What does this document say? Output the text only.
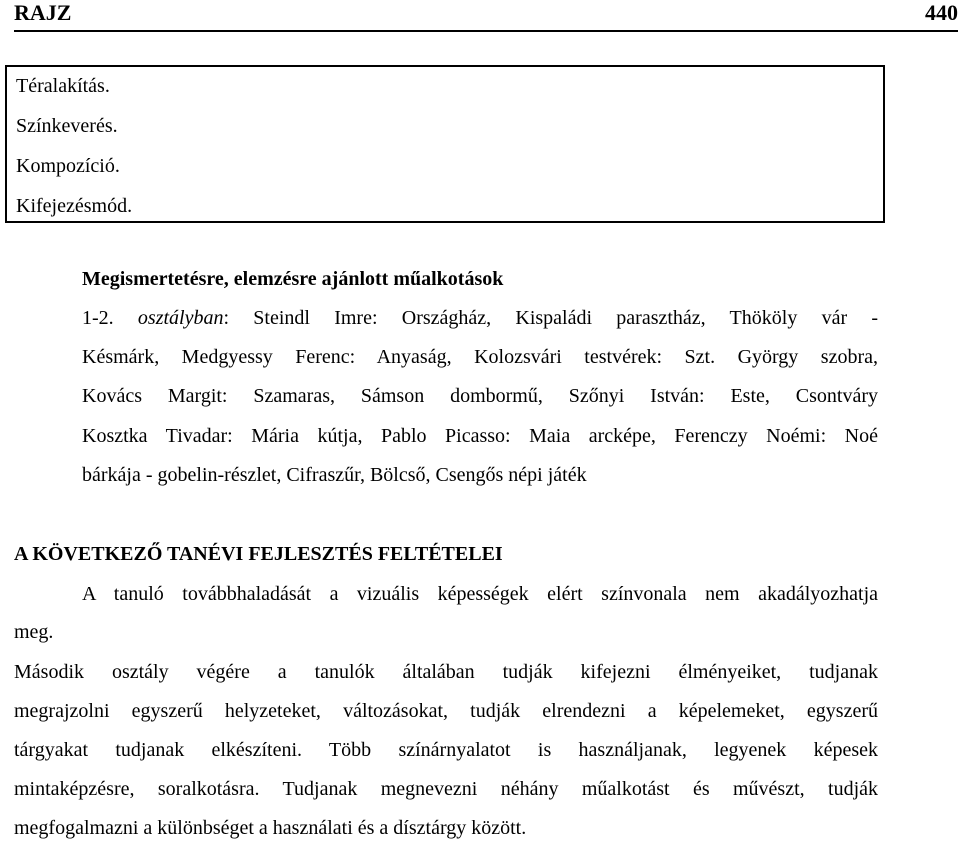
RAJZ	440
Téralakítás.
Színkeverés.
Kompozíció.
Kifejezésmód.
Megismertetésre, elemzésre ajánlott műalkotások
1-2. osztályban: Steindl Imre: Országház, Kispaládi parasztház, Thököly vár -
Késmárk, Medgyessy Ferenc: Anyaság, Kolozsvári testvérek: Szt. György szobra,
Kovács Margit: Szamaras, Sámson dombormű, Szőnyi István: Este, Csontváry
Kosztka Tivadar: Mária kútja, Pablo Picasso: Maia arcképe, Ferenczy Noémi: Noé
bárkája - gobelin-részlet, Cifraszűr, Bölcső, Csengős népi játék
A KÖVETKEZŐ TANÉVI FEJLESZTÉS FELTÉTELEI
A tanuló továbbhaladását a vizuális képességek elért színvonala nem akadályozhatja
meg.
Második osztály végére a tanulók általában tudják kifejezni élményeiket, tudjanak
megrajzolni egyszerű helyzeteket, változásokat, tudják elrendezni a képelemeket, egyszerű
tárgyakat tudjanak elkészíteni. Több színárnyalatot is használjanak, legyenek képesek
mintaképzésre, soralkotásra. Tudjanak megnevezni néhány műalkotást és művészt, tudják
megfogalmazni a különbséget a használati és a dísztárgy között.
